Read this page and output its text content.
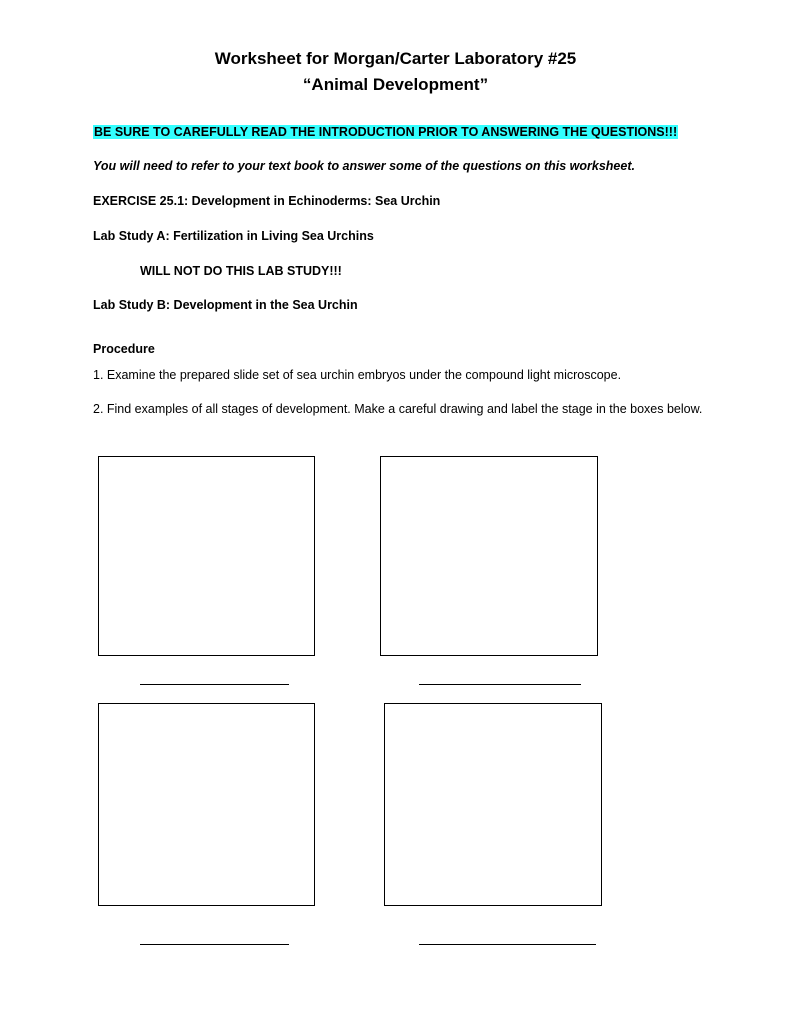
Worksheet for Morgan/Carter Laboratory #25
“Animal Development”
BE SURE TO CAREFULLY READ THE INTRODUCTION PRIOR TO ANSWERING THE QUESTIONS!!!
You will need to refer to your text book to answer some of the questions on this worksheet.
EXERCISE 25.1: Development in Echinoderms: Sea Urchin
Lab Study A: Fertilization in Living Sea Urchins
WILL NOT DO THIS LAB STUDY!!!
Lab Study B: Development in the Sea Urchin
Procedure
1. Examine the prepared slide set of sea urchin embryos under the compound light microscope.
2. Find examples of all stages of development. Make a careful drawing and label the stage in the boxes below.
